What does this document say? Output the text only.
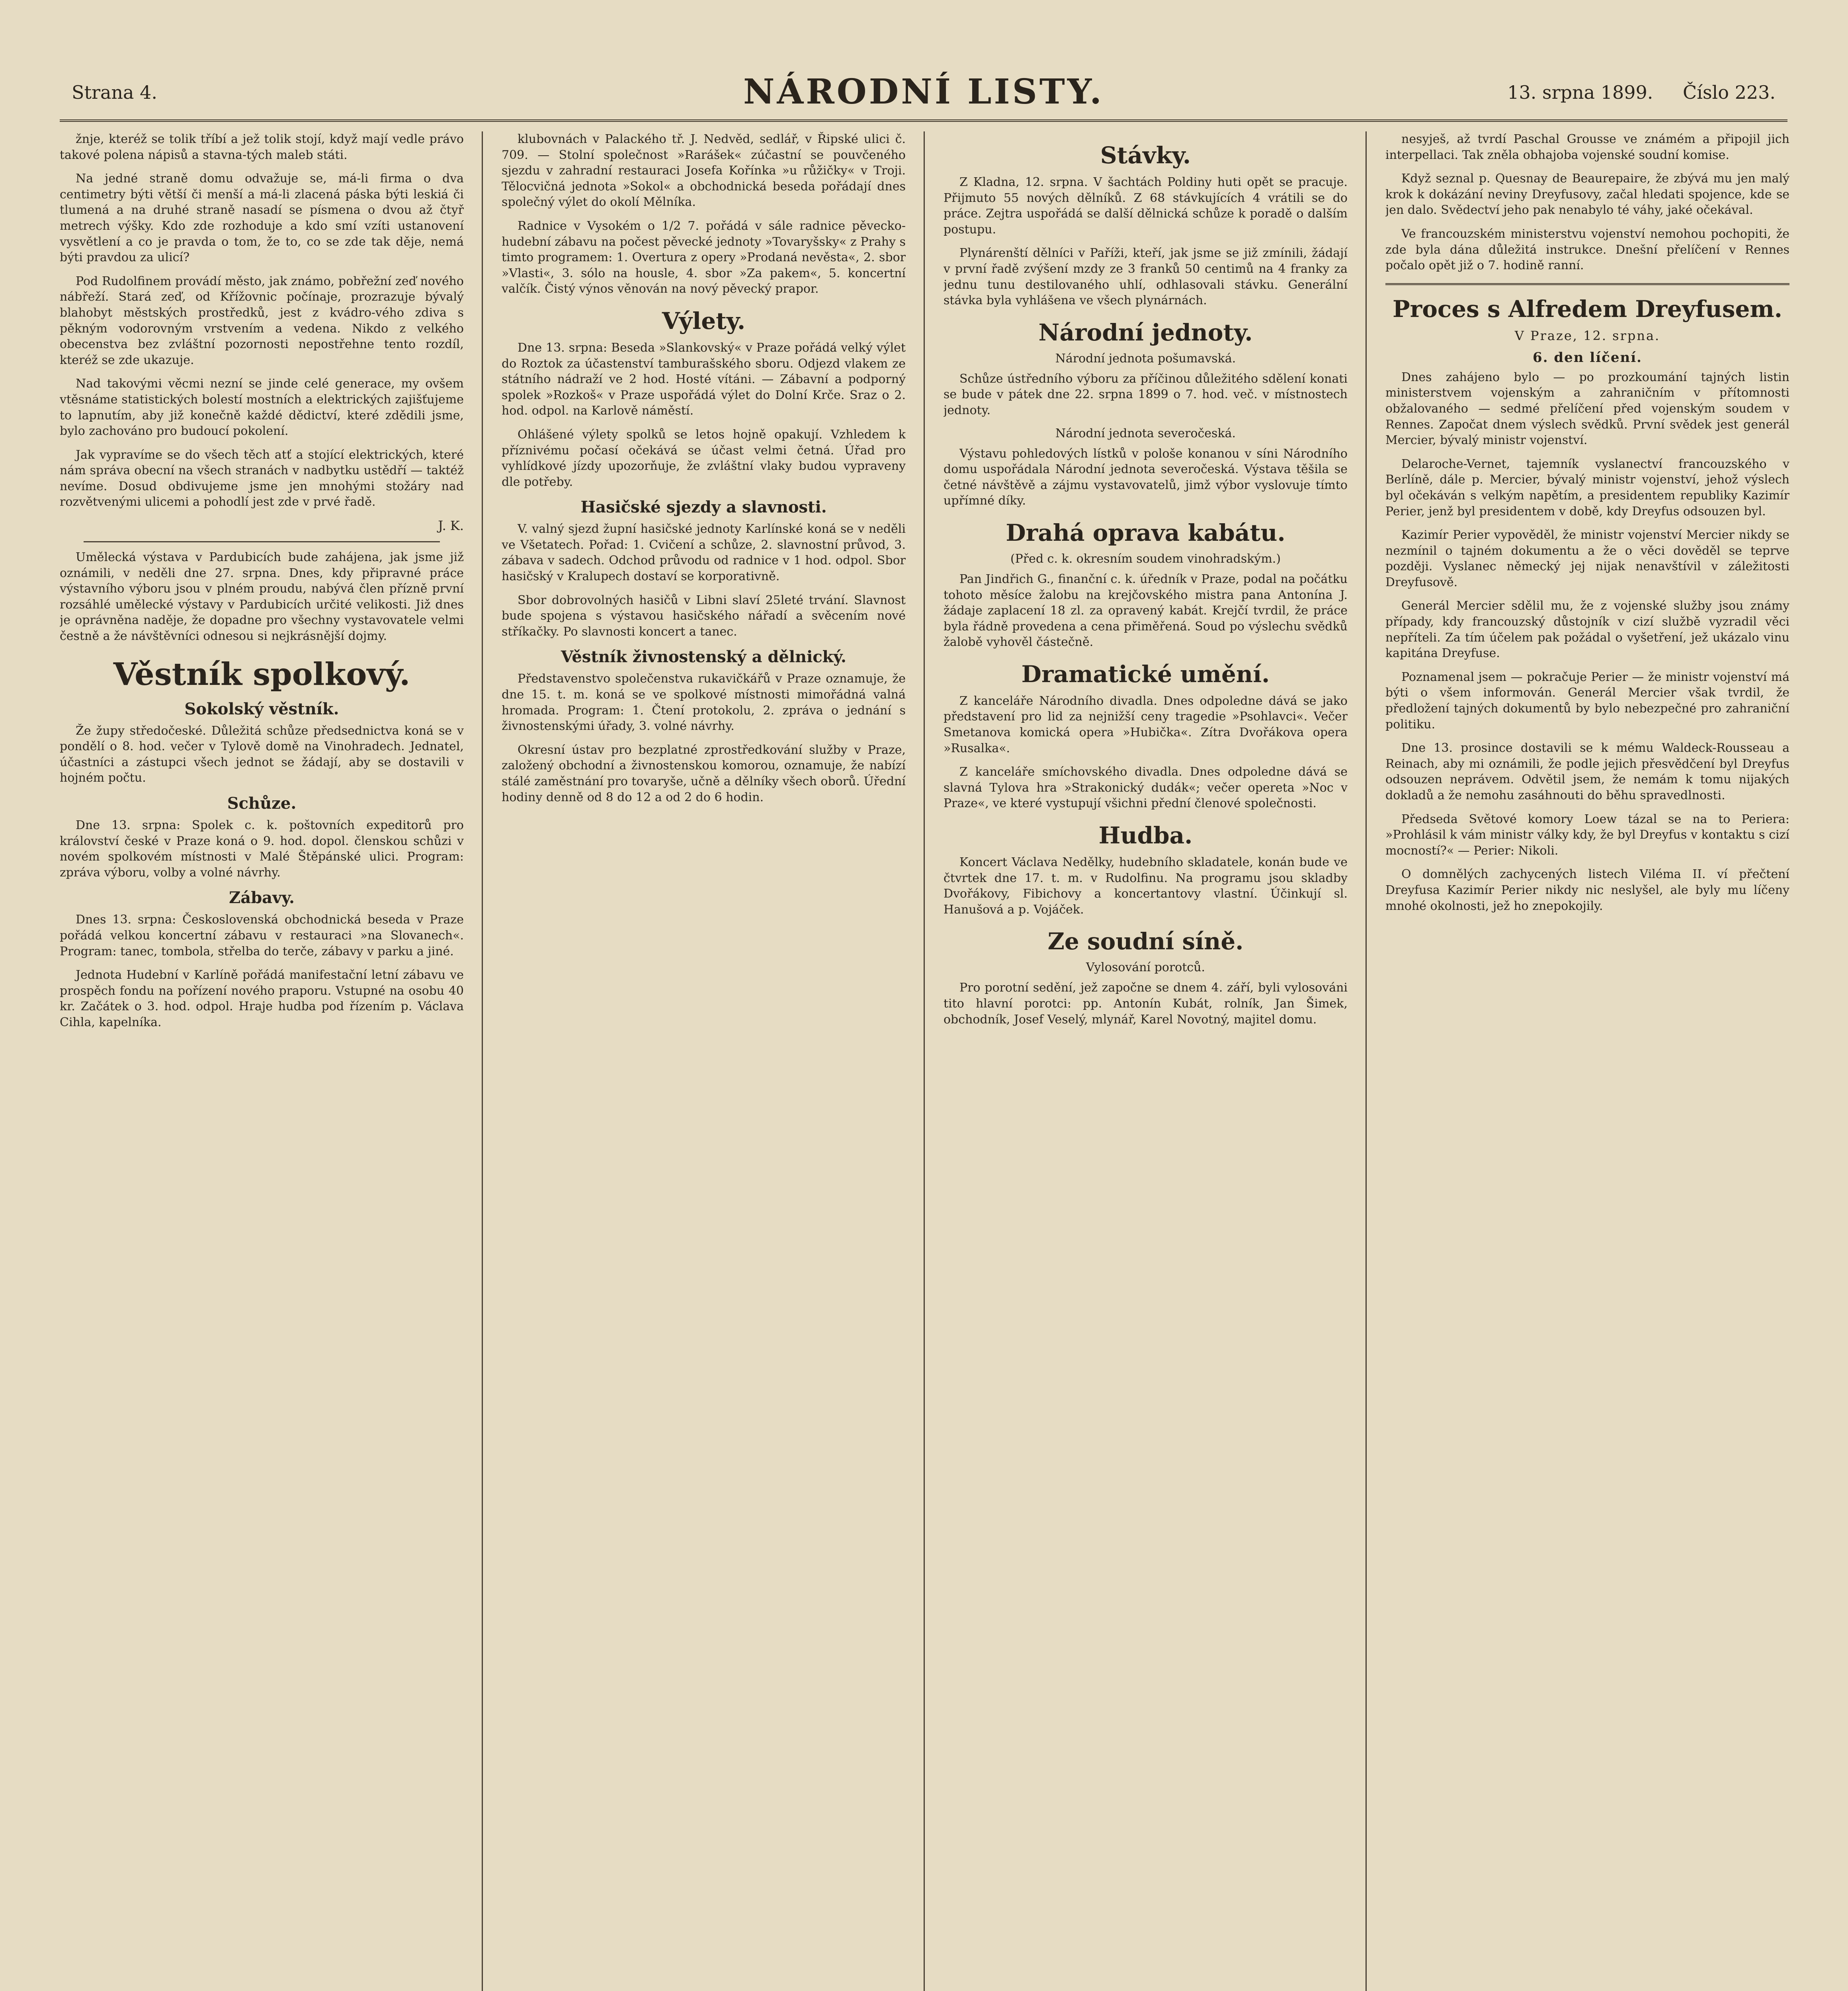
Strana 4.	NÁRODNÍ LISTY.	13. srpna 1899. Číslo 223.

žnje, kteréž se tolik tříbí a jež tolik stojí, když mají vedle právo takové polena nápisů a stavna-tých maleb státi.

Na jedné straně domu odvažuje se, má-li firma o dva centimetry býti větší či menší a má-li zlacená páska býti leskiá či tlumená a na druhé straně nasadí se písmena o dvou až čtyř metrech výšky. Kdo zde rozhoduje a kdo smí vzíti ustanovení vysvětlení a co je pravda o tom, že to, co se zde tak děje, nemá býti pravdou za ulicí?

Pod Rudolfinem provádí město, jak známo, pobřežní zeď nového nábřeží. Stará zeď, od Křížovnic počínaje, prozrazuje bývalý blahobyt městských prostředků, jest z kvádro-vého zdiva s pěkným vodorovným vrstvením a vedena. Nikdo z velkého obecenstva bez zvláštní pozornosti nepostřehne tento rozdíl, kteréž se zde ukazuje.

Nad takovými věcmi nezní se jinde celé generace, my ovšem vtěsnáme statistických bolestí mostních a elektrických zajišťujeme to lapnutím, aby již konečně každé dědictví, které zdědili jsme, bylo zachováno pro budoucí pokolení.

Jak vypravíme se do všech těch atť a stojící elektrických, které nám správa obecní na všech stranách v nadbytku ustědří — taktéž nevíme. Dosud obdivujeme jsme jen mnohými stožáry nad rozvětvenými ulicemi a pohodlí jest zde v prvé řadě.

J. K.

Umělecká výstava v Pardubicích bude zahájena, jak jsme již oznámili, v neděli dne 27. srpna. Dnes, kdy připravné práce výstavního výboru jsou v plném proudu, nabývá člen přízně první rozsáhlé umělecké výstavy v Pardubicích určité velikosti. Již dnes je oprávněna naděje, že dopadne pro všechny vystavovatele velmi čestně a že návštěvníci odnesou si nejkrásnější dojmy.

Věstník spolkový.
Sokolský věstník.

Že župy středočeské. Důležitá schůze předsednictva koná se v pondělí o 8. hod. večer v Tylově domě na Vinohradech. Jednatel, účastníci a zástupci všech jednot se žádají, aby se dostavili v hojném počtu.

Schůze.

Dne 13. srpna: Spolek c. k. poštovních expeditorů pro království české v Praze koná o 9. hod. dopol. členskou schůzi v novém spolkovém místnosti v Malé Štěpánské ulici. Program: zpráva výboru, volby a volné návrhy.

Zábavy.

Dnes 13. srpna: Československá obchodnická beseda v Praze pořádá velkou koncertní zábavu v restauraci »na Slovanech«. Program: tanec, tombola, střelba do terče, zábavy v parku a jiné.

Jednota Hudební v Karlíně pořádá manifestační letní zábavu ve prospěch fondu na pořízení nového praporu. Vstupné na osobu 40 kr. Začátek o 3. hod. odpol. Hraje hudba pod řízením p. Václava Cihla, kapelníka.

klubovnách v Palackého tř. J. Nedvěd, sedlář, v Řipské ulici č. 709. — Stolní společnost »Rarášek« zúčastní se pouvčeného sjezdu v zahradní restauraci Josefa Kořínka »u růžičky« v Troji. Tělocvičná jednota »Sokol« a obchodnická beseda pořádají dnes společný výlet do okolí Mělníka.

Radnice v Vysokém o 1/2 7. pořádá v sále radnice pěvecko-hudební zábavu na počest pěvecké jednoty »Tovaryšsky« z Prahy s timto programem: 1. Overtura z opery »Prodaná nevěsta«, 2. sbor »Vlasti«, 3. sólo na housle, 4. sbor »Za pakem«, 5. koncertní valčík. Čistý výnos věnován na nový pěvecký prapor.

Výlety.

Dne 13. srpna: Beseda »Slankovský« v Praze pořádá velký výlet do Roztok za účastenství tamburašského sboru. Odjezd vlakem ze státního nádraží ve 2 hod. Hosté vítáni. — Zábavní a podporný spolek »Rozkoš« v Praze uspořádá výlet do Dolní Krče. Sraz o 2. hod. odpol. na Karlově náměstí.

Ohlášené výlety spolků se letos hojně opakují. Vzhledem k příznivému počasí očekává se účast velmi četná. Úřad pro vyhlídkové jízdy upozorňuje, že zvláštní vlaky budou vypraveny dle potřeby.

Hasičské sjezdy a slavnosti.

V. valný sjezd župní hasičské jednoty Karlínské koná se v neděli ve Všetatech. Pořad: 1. Cvičení a schůze, 2. slavnostní průvod, 3. zábava v sadech. Odchod průvodu od radnice v 1 hod. odpol. Sbor hasičský v Kralupech dostaví se korporativně.

Sbor dobrovolných hasičů v Libni slaví 25leté trvání. Slavnost bude spojena s výstavou hasičského nářadí a svěcením nové stříkačky. Po slavnosti koncert a tanec.

Věstník živnostenský a dělnický.

Představenstvo společenstva rukavičkářů v Praze oznamuje, že dne 15. t. m. koná se ve spolkové místnosti mimořádná valná hromada. Program: 1. Čtení protokolu, 2. zpráva o jednání s živnostenskými úřady, 3. volné návrhy.

Okresní ústav pro bezplatné zprostředkování služby v Praze, založený obchodní a živnostenskou komorou, oznamuje, že nabízí stálé zaměstnání pro tovaryše, učně a dělníky všech oborů. Úřední hodiny denně od 8 do 12 a od 2 do 6 hodin.

Stávky.

Z Kladna, 12. srpna. V šachtách Poldiny huti opět se pracuje. Přijmuto 55 nových dělníků. Z 68 stávkujících 4 vrátili se do práce. Zejtra uspořádá se další dělnická schůze k poradě o dalším postupu.

Plynárenští dělníci v Paříži, kteří, jak jsme se již zmínili, žádají v první řadě zvýšení mzdy ze 3 franků 50 centimů na 4 franky za jednu tunu destilovaného uhlí, odhlasovali stávku. Generální stávka byla vyhlášena ve všech plynárnách.

Národní jednoty.
Národní jednota pošumavská.

Schůze ústředního výboru za příčinou důležitého sdělení konati se bude v pátek dne 22. srpna 1899 o 7. hod. več. v místnostech jednoty.

Národní jednota severočeská.

Výstavu pohledových lístků v pološe konanou v síni Národního domu uspořádala Národní jednota severočeská. Výstava těšila se četné návštěvě a zájmu vystavovatelů, jimž výbor vyslovuje tímto upřímné díky.

Drahá oprava kabátu.
(Před c. k. okresním soudem vinohradským.)

Pan Jindřich G., finanční c. k. úředník v Praze, podal na počátku tohoto měsíce žalobu na krejčovského mistra pana Antonína J. žádaje zaplacení 18 zl. za opravený kabát. Krejčí tvrdil, že práce byla řádně provedena a cena přiměřená. Soud po výslechu svědků žalobě vyhověl částečně.

Dramatické umění.

Z kanceláře Národního divadla. Dnes odpoledne dává se jako představení pro lid za nejnižší ceny tragedie »Psohlavci«. Večer Smetanova komická opera »Hubička«. Zítra Dvořákova opera »Rusalka«.

Z kanceláře smíchovského divadla. Dnes odpoledne dává se slavná Tylova hra »Strakonický dudák«; večer opereta »Noc v Praze«, ve které vystupují všichni přední členové společnosti.

Hudba.

Koncert Václava Nedělky, hudebního skladatele, konán bude ve čtvrtek dne 17. t. m. v Rudolfinu. Na programu jsou skladby Dvořákovy, Fibichovy a koncertantovy vlastní. Účinkují sl. Hanušová a p. Vojáček.

Ze soudní síně.
Vylosování porotců.

Pro porotní sedění, jež započne se dnem 4. září, byli vylosováni tito hlavní porotci: pp. Antonín Kubát, rolník, Jan Šimek, obchodník, Josef Veselý, mlynář, Karel Novotný, majitel domu.

nesyješ, až tvrdí Paschal Grousse ve známém a připojil jich interpellaci. Tak zněla obhajoba vojenské soudní komise.

Když seznal p. Quesnay de Beaurepaire, že zbývá mu jen malý krok k dokázání neviny Dreyfusovy, začal hledati spojence, kde se jen dalo. Svědectví jeho pak nenabylo té váhy, jaké očekával.

Ve francouzském ministerstvu vojenství nemohou pochopiti, že zde byla dána důležitá instrukce. Dnešní přelíčení v Rennes počalo opět již o 7. hodině ranní.

Proces s Alfredem Dreyfusem.
V Praze, 12. srpna.
6. den líčení.

Dnes zahájeno bylo — po prozkoumání tajných listin ministerstvem vojenským a zahraničním v přítomnosti obžalovaného — sedmé přelíčení před vojenským soudem v Rennes. Započat dnem výslech svědků. První svědek jest generál Mercier, bývalý ministr vojenství.

Delaroche-Vernet, tajemník vyslanectví francouzského v Berlíně, dále p. Mercier, bývalý ministr vojenství, jehož výslech byl očekáván s velkým napětím, a presidentem republiky Kazimír Perier, jenž byl presidentem v době, kdy Dreyfus odsouzen byl.

Kazimír Perier vypověděl, že ministr vojenství Mercier nikdy se nezmínil o tajném dokumentu a že o věci dověděl se teprve později. Vyslanec německý jej nijak nenavštívil v záležitosti Dreyfusově.

Generál Mercier sdělil mu, že z vojenské služby jsou známy případy, kdy francouzský důstojník v cizí službě vyzradil věci nepříteli. Za tím účelem pak požádal o vyšetření, jež ukázalo vinu kapitána Dreyfuse.

Poznamenal jsem — pokračuje Perier — že ministr vojenství má býti o všem informován. Generál Mercier však tvrdil, že předložení tajných dokumentů by bylo nebezpečné pro zahraniční politiku.

Dne 13. prosince dostavili se k mému Waldeck-Rousseau a Reinach, aby mi oznámili, že podle jejich přesvědčení byl Dreyfus odsouzen neprávem. Odvětil jsem, že nemám k tomu nijakých dokladů a že nemohu zasáhnouti do běhu spravedlnosti.

Předseda Světové komory Loew tázal se na to Periera: »Prohlásil k vám ministr války kdy, že byl Dreyfus v kontaktu s cizí mocností?« — Perier: Nikoli.

O domnělých zachycených listech Viléma II. ví přečtení Dreyfusa Kazimír Perier nikdy nic neslyšel, ale byly mu líčeny mnohé okolnosti, jež ho znepokojily.
